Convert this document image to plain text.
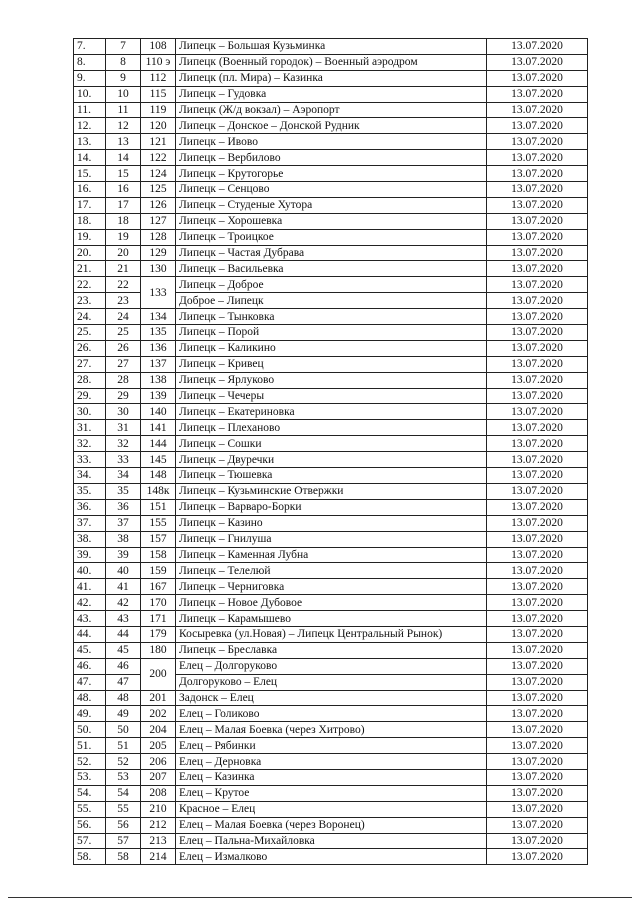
7.	7	108	Липецк – Большая Кузьминка	13.07.2020
8.	8	110 э	Липецк (Военный городок) – Военный аэродром	13.07.2020
9.	9	112	Липецк (пл. Мира) – Казинка	13.07.2020
10.	10	115	Липецк – Гудовка	13.07.2020
11.	11	119	Липецк (Ж/д вокзал) – Аэропорт	13.07.2020
12.	12	120	Липецк – Донское – Донской Рудник	13.07.2020
13.	13	121	Липецк – Ивово	13.07.2020
14.	14	122	Липецк – Вербилово	13.07.2020
15.	15	124	Липецк – Крутогорье	13.07.2020
16.	16	125	Липецк – Сенцово	13.07.2020
17.	17	126	Липецк – Студеные Хутора	13.07.2020
18.	18	127	Липецк – Хорошевка	13.07.2020
19.	19	128	Липецк – Троицкое	13.07.2020
20.	20	129	Липецк – Частая Дубрава	13.07.2020
21.	21	130	Липецк – Васильевка	13.07.2020
22.	22	133	Липецк – Доброе	13.07.2020
23.	23		Доброе – Липецк	13.07.2020
24.	24	134	Липецк – Тынковка	13.07.2020
25.	25	135	Липецк – Порой	13.07.2020
26.	26	136	Липецк – Каликино	13.07.2020
27.	27	137	Липецк – Кривец	13.07.2020
28.	28	138	Липецк – Ярлуково	13.07.2020
29.	29	139	Липецк – Чечеры	13.07.2020
30.	30	140	Липецк – Екатериновка	13.07.2020
31.	31	141	Липецк – Плеханово	13.07.2020
32.	32	144	Липецк – Сошки	13.07.2020
33.	33	145	Липецк – Двуречки	13.07.2020
34.	34	148	Липецк – Тюшевка	13.07.2020
35.	35	148к	Липецк – Кузьминские Отвержки	13.07.2020
36.	36	151	Липецк – Варваро-Борки	13.07.2020
37.	37	155	Липецк – Казино	13.07.2020
38.	38	157	Липецк – Гнилуша	13.07.2020
39.	39	158	Липецк – Каменная Лубна	13.07.2020
40.	40	159	Липецк – Телелюй	13.07.2020
41.	41	167	Липецк – Черниговка	13.07.2020
42.	42	170	Липецк – Новое Дубовое	13.07.2020
43.	43	171	Липецк – Карамышево	13.07.2020
44.	44	179	Косыревка (ул.Новая) – Липецк Центральный Рынок)	13.07.2020
45.	45	180	Липецк – Бреславка	13.07.2020
46.	46	200	Елец – Долгоруково	13.07.2020
47.	47		Долгоруково – Елец	13.07.2020
48.	48	201	Задонск – Елец	13.07.2020
49.	49	202	Елец – Голиково	13.07.2020
50.	50	204	Елец – Малая Боевка (через Хитрово)	13.07.2020
51.	51	205	Елец – Рябинки	13.07.2020
52.	52	206	Елец – Дерновка	13.07.2020
53.	53	207	Елец – Казинка	13.07.2020
54.	54	208	Елец – Крутое	13.07.2020
55.	55	210	Красное – Елец	13.07.2020
56.	56	212	Елец – Малая Боевка (через Воронец)	13.07.2020
57.	57	213	Елец – Пальна-Михайловка	13.07.2020
58.	58	214	Елец – Измалково	13.07.2020
